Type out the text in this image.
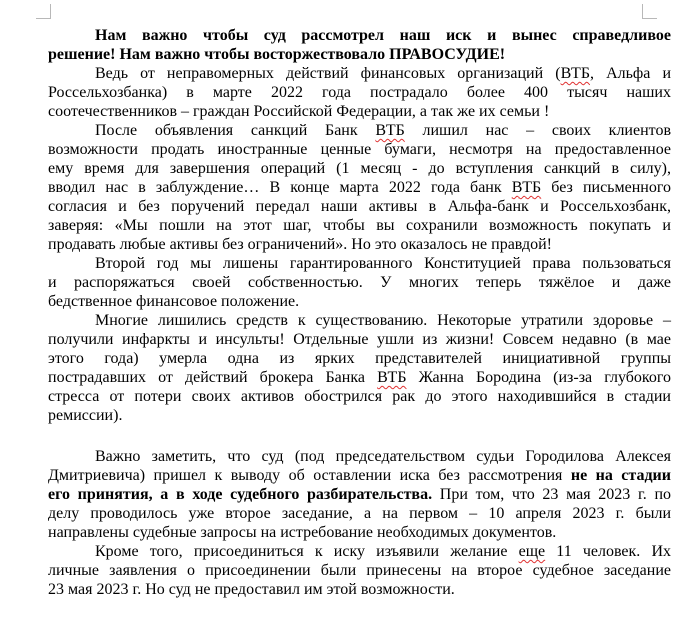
Нам важно чтобы суд рассмотрел наш иск и вынес справедливое
решение! Нам важно чтобы восторжествовало ПРАВОСУДИЕ!

Ведь от неправомерных действий финансовых организаций (ВТБ, Альфа и
Россельхозбанка) в марте 2022 года пострадало более 400 тысяч наших
соотечественников – граждан Российской Федерации, а так же их семьи !

После объявления санкций Банк ВТБ лишил нас – своих клиентов
возможности продать иностранные ценные бумаги, несмотря на предоставленное
ему время для завершения операций (1 месяц - до вступления санкций в силу),
вводил нас в заблуждение… В конце марта 2022 года банк ВТБ без письменного
согласия и без поручений передал наши активы в Альфа-банк и Россельхозбанк,
заверяя: «Мы пошли на этот шаг, чтобы вы сохранили возможность покупать и
продавать любые активы без ограничений». Но это оказалось не правдой!

Второй год мы лишены гарантированного Конституцией права пользоваться
и распоряжаться своей собственностью. У многих теперь тяжёлое и даже
бедственное финансовое положение.

Многие лишились средств к существованию. Некоторые утратили здоровье –
получили инфаркты и инсульты! Отдельные ушли из жизни! Совсем недавно (в мае
этого года) умерла одна из ярких представителей инициативной группы
пострадавших от действий брокера Банка ВТБ Жанна Бородина (из-за глубокого
стресса от потери своих активов обострился рак до этого находившийся в стадии
ремиссии).

Важно заметить, что суд (под председательством судьи Городилова Алексея
Дмитриевича) пришел к выводу об оставлении иска без рассмотрения не на стадии
его принятия, а в ходе судебного разбирательства. При том, что 23 мая 2023 г. по
делу проводилось уже второе заседание, а на первом – 10 апреля 2023 г. были
направлены судебные запросы на истребование необходимых документов.

Кроме того, присоединиться к иску изъявили желание еще 11 человек. Их
личные заявления о присоединении были принесены на второе судебное заседание
23 мая 2023 г. Но суд не предоставил им этой возможности.
